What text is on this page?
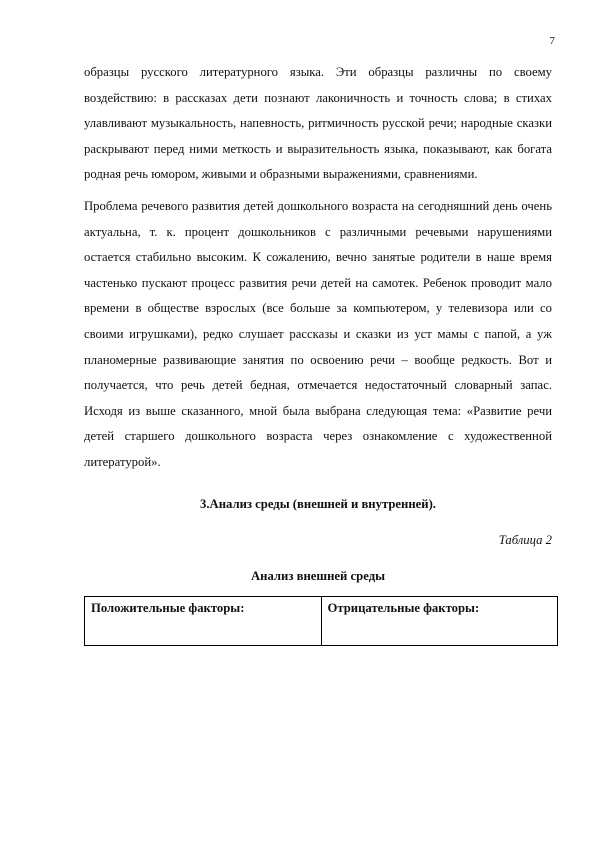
7

образцы русского литературного языка. Эти образцы различны по своему воздействию: в рассказах дети познают лаконичность и точность слова; в стихах улавливают музыкальность, напевность, ритмичность русской речи; народные сказки раскрывают перед ними меткость и выразительность языка, показывают, как богата родная речь юмором, живыми и образными выражениями, сравнениями.

Проблема речевого развития детей дошкольного возраста на сегодняшний день очень актуальна, т. к. процент дошкольников с различными речевыми нарушениями остается стабильно высоким. К сожалению, вечно занятые родители в наше время частенько пускают процесс развития речи детей на самотек. Ребенок проводит мало времени в обществе взрослых (все больше за компьютером, у телевизора или со своими игрушками), редко слушает рассказы и сказки из уст мамы с папой, а уж планомерные развивающие занятия по освоению речи – вообще редкость. Вот и получается, что речь детей бедная, отмечается недостаточный словарный запас. Исходя из выше сказанного, мной была выбрана следующая тема: «Развитие речи детей старшего дошкольного возраста через ознакомление с художественной литературой».

3.Анализ среды (внешней и внутренней).
Таблица 2
Анализ внешней среды
Положительные факторы:	Отрицательные факторы:
